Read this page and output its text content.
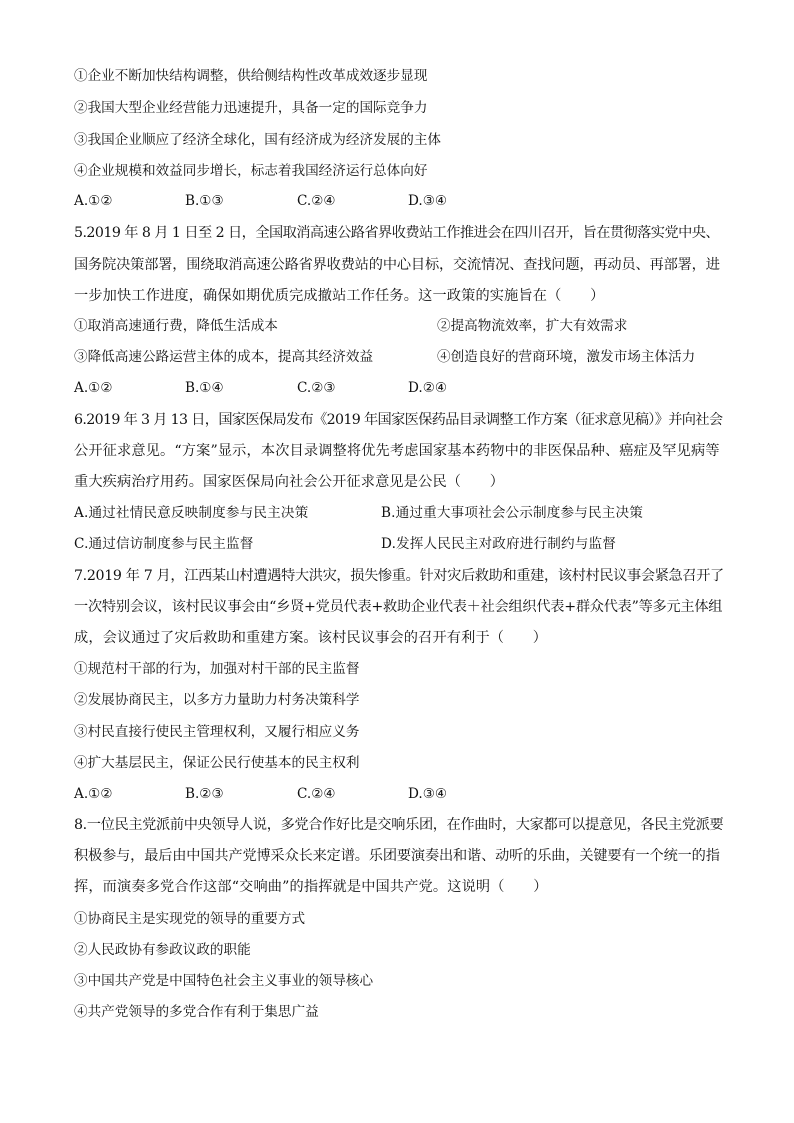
①企业不断加快结构调整，供给侧结构性改革成效逐步显现
②我国大型企业经营能力迅速提升，具备一定的国际竞争力
③我国企业顺应了经济全球化，国有经济成为经济发展的主体
④企业规模和效益同步增长，标志着我国经济运行总体向好
A.①②	B.①③	C.②④	D.③④
5.2019 年 8 月 1 日至 2 日，全国取消高速公路省界收费站工作推进会在四川召开，旨在贯彻落实党中央、
国务院决策部署，围绕取消高速公路省界收费站的中心目标，交流情况、查找问题，再动员、再部署，进
一步加快工作进度，确保如期优质完成撤站工作任务。这一政策的实施旨在（　　）
①取消高速通行费，降低生活成本	②提高物流效率，扩大有效需求
③降低高速公路运营主体的成本，提高其经济效益	④创造良好的营商环境，激发市场主体活力
A.①②	B.①④	C.②③	D.②④
6.2019 年 3 月 13 日，国家医保局发布《2019 年国家医保药品目录调整工作方案（征求意见稿）》并向社会
公开征求意见。“方案”显示，本次目录调整将优先考虑国家基本药物中的非医保品种、癌症及罕见病等
重大疾病治疗用药。国家医保局向社会公开征求意见是公民（　　）
A.通过社情民意反映制度参与民主决策	B.通过重大事项社会公示制度参与民主决策
C.通过信访制度参与民主监督	D.发挥人民民主对政府进行制约与监督
7.2019 年 7 月，江西某山村遭遇特大洪灾，损失惨重。针对灾后救助和重建，该村村民议事会紧急召开了
一次特别会议，该村民议事会由“乡贤+党员代表+救助企业代表＋社会组织代表+群众代表”等多元主体组
成，会议通过了灾后救助和重建方案。该村民议事会的召开有利于（　　）
①规范村干部的行为，加强对村干部的民主监督
②发展协商民主，以多方力量助力村务决策科学
③村民直接行使民主管理权利，又履行相应义务
④扩大基层民主，保证公民行使基本的民主权利
A.①②	B.②③	C.②④	D.③④
8.一位民主党派前中央领导人说，多党合作好比是交响乐团，在作曲时，大家都可以提意见，各民主党派要
积极参与，最后由中国共产党博采众长来定谱。乐团要演奏出和谐、动听的乐曲，关键要有一个统一的指
挥，而演奏多党合作这部“交响曲”的指挥就是中国共产党。这说明（　　）
①协商民主是实现党的领导的重要方式
②人民政协有参政议政的职能
③中国共产党是中国特色社会主义事业的领导核心
④共产党领导的多党合作有利于集思广益
